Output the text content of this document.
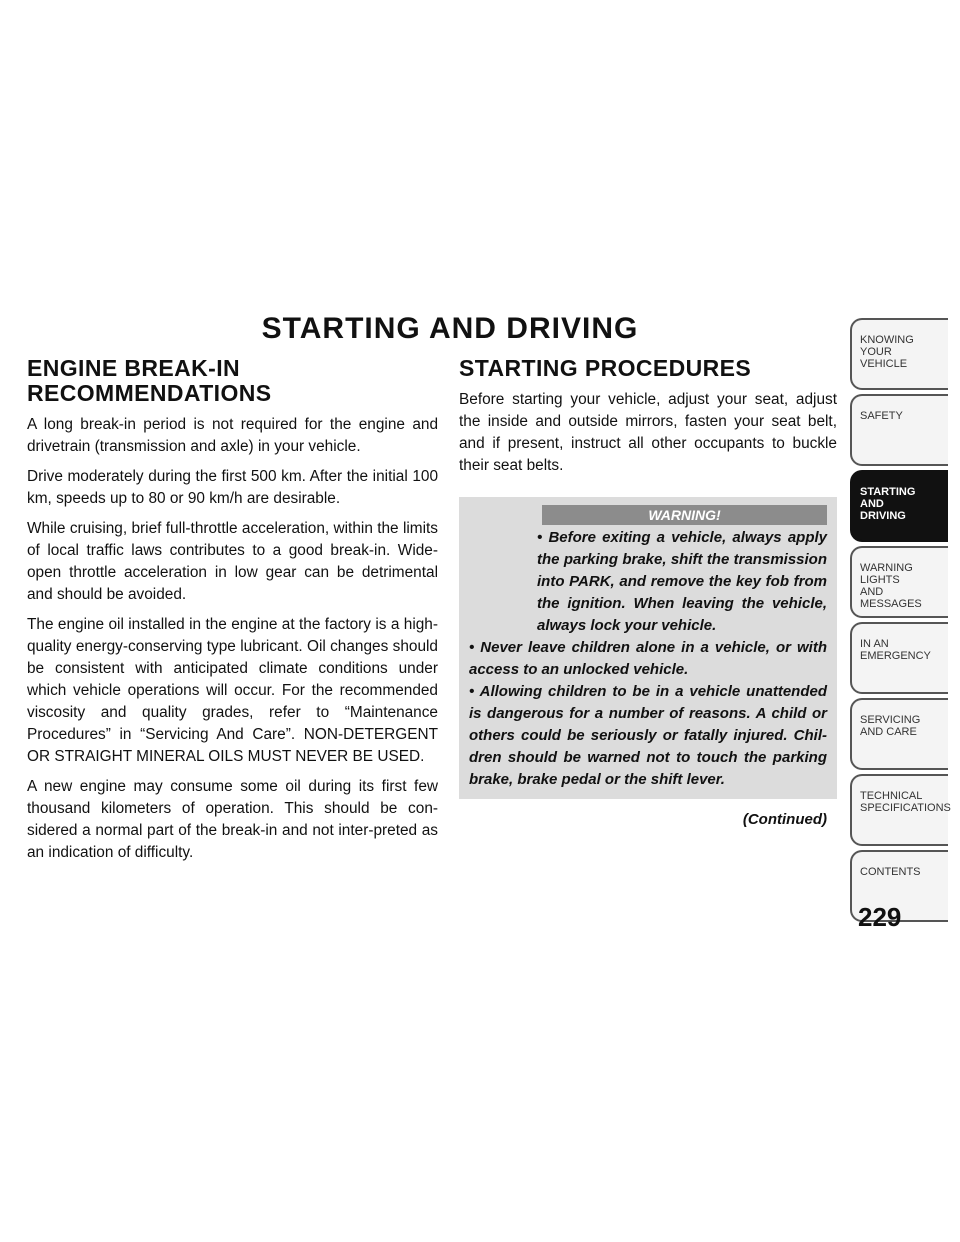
STARTING AND DRIVING
ENGINE BREAK-IN
RECOMMENDATIONS

A long break-in period is not required for the engine and drivetrain (transmission and axle) in your vehicle.

Drive moderately during the first 500 km. After the initial 100 km, speeds up to 80 or 90 km/h are desirable.

While cruising, brief full-throttle acceleration, within the limits of local traffic laws contributes to a good break-in. Wide-open throttle acceleration in low gear can be detrimental and should be avoided.

The engine oil installed in the engine at the factory is a high-quality energy-conserving type lubricant. Oil changes should be consistent with anticipated climate conditions under which vehicle operations will occur. For the recommended viscosity and quality grades, refer to “Maintenance Procedures” in “Servicing And Care”. NON-DETERGENT OR STRAIGHT MINERAL OILS MUST NEVER BE USED.

A new engine may consume some oil during its first few thousand kilometers of operation. This should be con-sidered a normal part of the break-in and not inter-preted as an indication of difficulty.

STARTING PROCEDURES

Before starting your vehicle, adjust your seat, adjust the inside and outside mirrors, fasten your seat belt, and if present, instruct all other occupants to buckle their seat belts.

WARNING!

• Before exiting a vehicle, always apply the parking brake, shift the transmission into PARK, and remove the key fob from the ignition. When leaving the vehicle, always lock your vehicle.

• Never leave children alone in a vehicle, or with access to an unlocked vehicle.

• Allowing children to be in a vehicle unattended is dangerous for a number of reasons. A child or others could be seriously or fatally injured. Chil-dren should be warned not to touch the parking brake, brake pedal or the shift lever.

(Continued)
KNOWING
YOUR
VEHICLE
SAFETY
STARTING
AND
DRIVING
WARNING
LIGHTS
AND
MESSAGES
IN AN
EMERGENCY
SERVICING
AND CARE
TECHNICAL
SPECIFICATIONS
CONTENTS
229
